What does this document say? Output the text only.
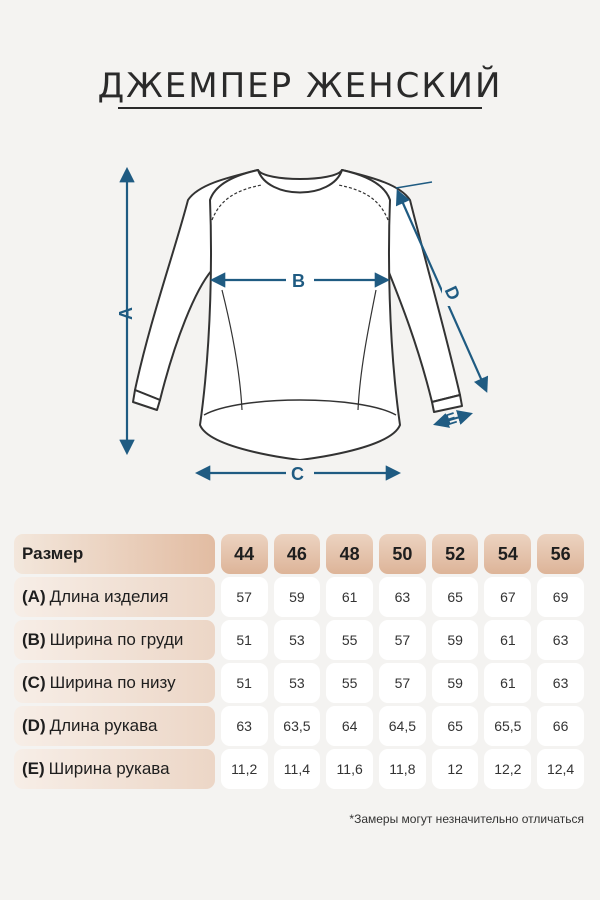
ДЖЕМПЕР ЖЕНСКИЙ
A
B
C
D
E
Размер	44	46	48	50	52	54	56
(A) Длина изделия	57	59	61	63	65	67	69
(B) Ширина по груди	51	53	55	57	59	61	63
(C) Ширина по низу	51	53	55	57	59	61	63
(D) Длина рукава	63	63,5	64	64,5	65	65,5	66
(E) Ширина рукава	11,2	11,4	11,6	11,8	12	12,2	12,4
*Замеры могут незначительно отличаться
